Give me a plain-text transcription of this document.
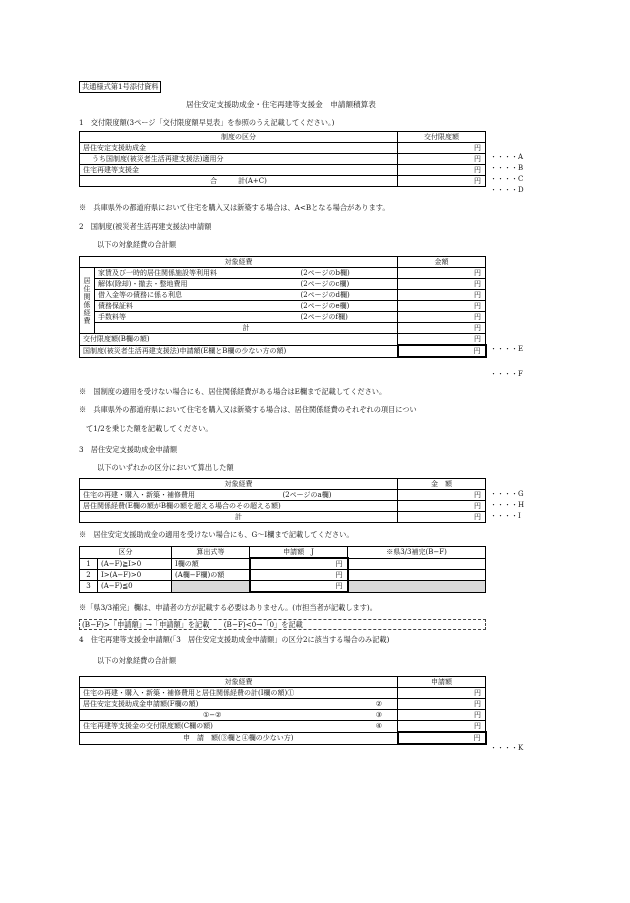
共通様式第1号添付資料
居住安定支援助成金・住宅再建等支援金　申請額積算表
1　交付限度額(3ページ「交付限度額早見表」を参照のうえ記載してください。)
制度の区分	交付限度額
居住安定支援助成金	円
うち国制度(被災者生活再建支援法)適用分	円
住宅再建等支援金	円
合　　　計(A+C)	円
・・・・A
・・・・B
・・・・C
・・・・D
※　兵庫県外の都道府県において住宅を購入又は新築する場合は、A<Bとなる場合があります。
2　国制度(被災者生活再建支援法)申請額
以下の対象経費の合計額
対象経費			金額
居住関係経費	家賃及び一時的居住関係施設等利用料	(2ページのb欄)	円
	解体(除却)・撤去・整地費用	(2ページのc欄)	円
	借入金等の債務に係る利息	(2ページのd欄)	円
	債務保証料	(2ページのe欄)	円
	手数料等	(2ページのf欄)	円
	計		円
交付限度額(B欄の額)			円
国制度(被災者生活再建支援法)申請額(E欄とB欄の少ない方の額)			円 ・・・・E
・・・・F
※　国制度の適用を受けない場合にも、居住関係経費がある場合はE欄まで記載してください。
※　兵庫県外の都道府県において住宅を購入又は新築する場合は、居住関係経費のそれぞれの項目につい
て1/2を乗じた額を記載してください。
3　居住安定支援助成金申請額
以下のいずれかの区分において算出した額
対象経費		金　額
住宅の再建・購入・新築・補修費用	(2ページのa欄)	円
居住関係経費(E欄の額がB欄の額を超える場合のその超える額)		円
計		円
・・・・G
・・・・H
・・・・I
※　居住安定支援助成金の適用を受けない場合にも、G〜I欄まで記載してください。
区分		算出式等	申請額　J	※県3/3補完(B−F)
1	(A−F)≧I>0	I欄の額	円	
2	I>(A−F)>0	(A欄−F欄)の額	円	
3	(A−F)≦0		円	
※「県3/3補完」欄は、申請者の方が記載する必要はありません。(市担当者が記載します)。
(B−F)>「申請額」→「申請額」を記載　　(B−F)<0→「0」を記載
4　住宅再建等支援金申請額(「3　居住安定支援助成金申請額」の区分2に該当する場合のみ記載)
以下の対象経費の合計額
対象経費	申請額
住宅の再建・購入・新築・補修費用と居住関係経費の計(I欄の額)①	円
居住安定支援助成金申請額(F欄の額) ②	円
①−② ③	円
住宅再建等支援金の交付限度額(C欄の額) ④	円
申　請　額(③欄と④欄の少ない方)	円
・・・・K
